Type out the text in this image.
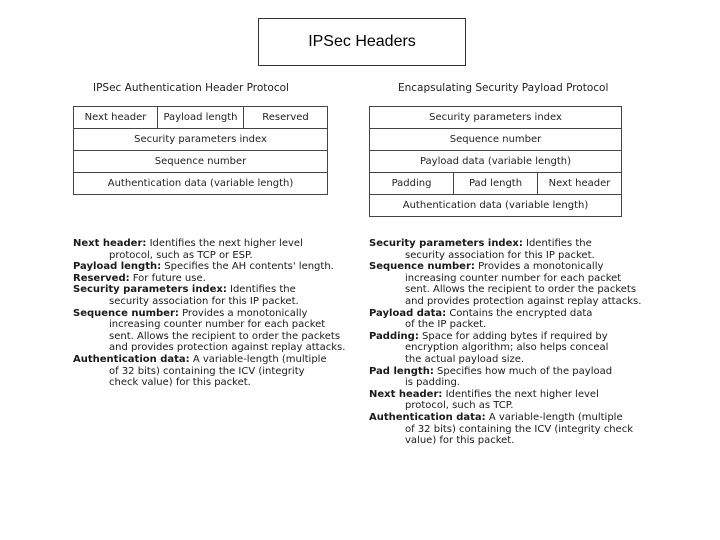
IPSec Headers
IPSec Authentication Header Protocol
Next header	Payload length	Reserved
Security parameters index
Sequence number
Authentication data (variable length)
Encapsulating Security Payload Protocol
Security parameters index
Sequence number
Payload data (variable length)
Padding	Pad length	Next header
Authentication data (variable length)
Next header: Identifies the next higher level
protocol, such as TCP or ESP.
Payload length: Specifies the AH contents' length.
Reserved: For future use.
Security parameters index: Identifies the
security association for this IP packet.
Sequence number: Provides a monotonically
increasing counter number for each packet
sent. Allows the recipient to order the packets
and provides protection against replay attacks.
Authentication data: A variable-length (multiple
of 32 bits) containing the ICV (integrity
check value) for this packet.
Security parameters index: Identifies the
security association for this IP packet.
Sequence number: Provides a monotonically
increasing counter number for each packet
sent. Allows the recipient to order the packets
and provides protection against replay attacks.
Payload data: Contains the encrypted data
of the IP packet.
Padding: Space for adding bytes if required by
encryption algorithm; also helps conceal
the actual payload size.
Pad length: Specifies how much of the payload
is padding.
Next header: Identifies the next higher level
protocol, such as TCP.
Authentication data: A variable-length (multiple
of 32 bits) containing the ICV (integrity check
value) for this packet.
